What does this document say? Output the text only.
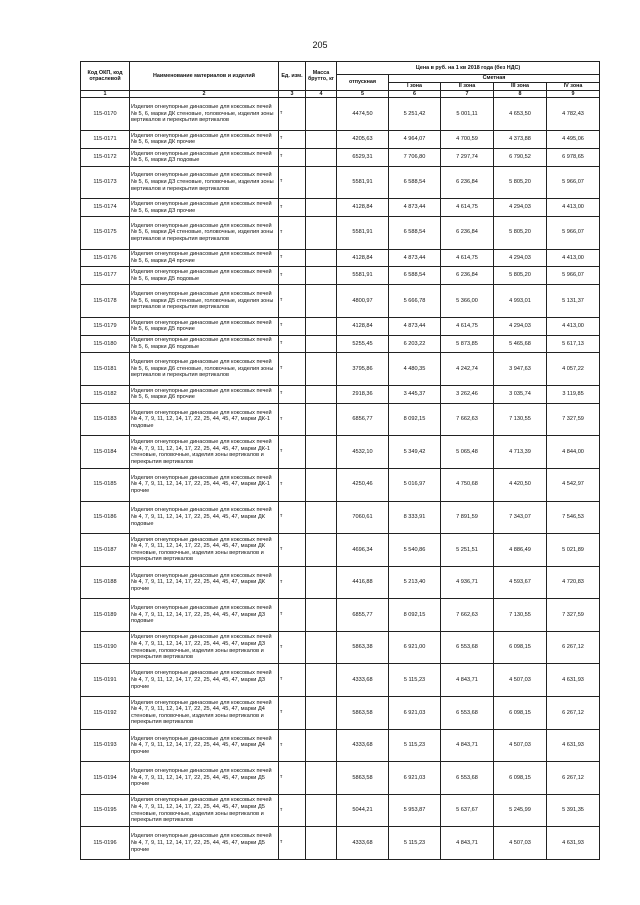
205
Код ОКП, код отраслевой	Наименование материалов и изделий	Ед. изм.	Масса брутто, кг	Цена в руб. на 1 кв 2018 года (без НДС)				
				отпускная	Сметная			
					I зона	II зона	III зона	IV зона
1	2	3	4	5	6	7	8	9
115-0170	Изделия огнеупорные динасовые для коксовых печей № 5, 6, марки ДК стеновые, головочные, изделия зоны вертикалов и перекрытия вертикалов	т		4474,50	5 251,42	5 001,11	4 653,50	4 782,43
115-0171	Изделия огнеупорные динасовые для коксовых печей № 5, 6, марки ДК прочие	т		4205,63	4 964,07	4 700,59	4 373,88	4 495,06
115-0172	Изделия огнеупорные динасовые для коксовых печей № 5, 6, марки ДЗ подовые	т		6529,31	7 706,80	7 297,74	6 790,52	6 978,65
115-0173	Изделия огнеупорные динасовые для коксовых печей № 5, 6, марки ДЗ стеновые, головочные, изделия зоны вертикалов и перекрытия вертикалов	т		5581,91	6 588,54	6 236,84	5 805,20	5 966,07
115-0174	Изделия огнеупорные динасовые для коксовых печей № 5, 6, марки ДЗ прочие	т		4128,84	4 873,44	4 614,75	4 294,03	4 413,00
115-0175	Изделия огнеупорные динасовые для коксовых печей № 5, 6, марки Д4 стеновые, головочные, изделия зоны вертикалов и перекрытия вертикалов	т		5581,91	6 588,54	6 236,84	5 805,20	5 966,07
115-0176	Изделия огнеупорные динасовые для коксовых печей № 5, 6, марки Д4 прочие	т		4128,84	4 873,44	4 614,75	4 294,03	4 413,00
115-0177	Изделия огнеупорные динасовые для коксовых печей № 5, 6, марки Д5 подовые	т		5581,91	6 588,54	6 236,84	5 805,20	5 966,07
115-0178	Изделия огнеупорные динасовые для коксовых печей № 5, 6, марки Д5 стеновые, головочные, изделия зоны вертикалов и перекрытия вертикалов	т		4800,97	5 666,78	5 366,00	4 993,01	5 131,37
115-0179	Изделия огнеупорные динасовые для коксовых печей № 5, 6, марки Д5 прочие	т		4128,84	4 873,44	4 614,75	4 294,03	4 413,00
115-0180	Изделия огнеупорные динасовые для коксовых печей № 5, 6, марки Д6 подовые	т		5255,45	6 203,22	5 873,85	5 465,68	5 617,13
115-0181	Изделия огнеупорные динасовые для коксовых печей № 5, 6, марки Д6 стеновые, головочные, изделия зоны вертикалов и перекрытия вертикалов	т		3795,86	4 480,35	4 242,74	3 947,63	4 057,22
115-0182	Изделия огнеупорные динасовые для коксовых печей № 5, 6, марки Д6 прочие	т		2918,36	3 445,37	3 262,46	3 035,74	3 119,85
115-0183	Изделия огнеупорные динасовые для коксовых печей № 4, 7, 9, 11, 12, 14, 17, 22, 25, 44, 45, 47, марки ДК-1 подовые	т		6856,77	8 092,15	7 662,63	7 130,55	7 327,59
115-0184	Изделия огнеупорные динасовые для коксовых печей № 4, 7, 9, 11, 12, 14, 17, 22, 25, 44, 45, 47, марки ДК-1 стеновые, головочные, изделия зоны вертикалов и перекрытия вертикалов	т		4532,10	5 349,42	5 065,48	4 713,39	4 844,00
115-0185	Изделия огнеупорные динасовые для коксовых печей № 4, 7, 9, 11, 12, 14, 17, 22, 25, 44, 45, 47, марки ДК-1 прочие	т		4250,46	5 016,97	4 750,68	4 420,50	4 542,97
115-0186	Изделия огнеупорные динасовые для коксовых печей № 4, 7, 9, 11, 12, 14, 17, 22, 25, 44, 45, 47, марки ДК подовые	т		7060,61	8 333,91	7 891,59	7 343,07	7 546,53
115-0187	Изделия огнеупорные динасовые для коксовых печей № 4, 7, 9, 11, 12, 14, 17, 22, 25, 44, 45, 47, марки ДК стеновые, головочные, изделия зоны вертикалов и перекрытия вертикалов	т		4696,34	5 540,86	5 251,51	4 886,49	5 021,89
115-0188	Изделия огнеупорные динасовые для коксовых печей № 4, 7, 9, 11, 12, 14, 17, 22, 25, 44, 45, 47, марки ДК прочие	т		4416,88	5 213,40	4 936,71	4 593,67	4 720,83
115-0189	Изделия огнеупорные динасовые для коксовых печей № 4, 7, 9, 11, 12, 14, 17, 22, 25, 44, 45, 47, марки ДЗ подовые	т		6855,77	8 092,15	7 662,63	7 130,55	7 327,59
115-0190	Изделия огнеупорные динасовые для коксовых печей № 4, 7, 9, 11, 12, 14, 17, 22, 25, 44, 45, 47, марки ДЗ стеновые, головочные, изделия зоны вертикалов и перекрытия вертикалов	т		5863,38	6 921,00	6 553,68	6 098,15	6 267,12
115-0191	Изделия огнеупорные динасовые для коксовых печей № 4, 7, 9, 11, 12, 14, 17, 22, 25, 44, 45, 47, марки ДЗ прочие	т		4333,68	5 115,23	4 843,71	4 507,03	4 631,93
115-0192	Изделия огнеупорные динасовые для коксовых печей № 4, 7, 9, 11, 12, 14, 17, 22, 25, 44, 45, 47, марки Д4 стеновые, головочные, изделия зоны вертикалов и перекрытия вертикалов	т		5863,58	6 921,03	6 553,68	6 098,15	6 267,12
115-0193	Изделия огнеупорные динасовые для коксовых печей № 4, 7, 9, 11, 12, 14, 17, 22, 25, 44, 45, 47, марки Д4 прочие	т		4333,68	5 115,23	4 843,71	4 507,03	4 631,93
115-0194	Изделия огнеупорные динасовые для коксовых печей № 4, 7, 9, 11, 12, 14, 17, 22, 25, 44, 45, 47, марки Д5 прочие	т		5863,58	6 921,03	6 553,68	6 098,15	6 267,12
115-0195	Изделия огнеупорные динасовые для коксовых печей № 4, 7, 9, 11, 12, 14, 17, 22, 25, 44, 45, 47, марки Д5 стеновые, головочные, изделия зоны вертикалов и перекрытия вертикалов	т		5044,21	5 953,87	5 637,67	5 245,99	5 391,35
115-0196	Изделия огнеупорные динасовые для коксовых печей № 4, 7, 9, 11, 12, 14, 17, 22, 25, 44, 45, 47, марки Д5 прочие	т		4333,68	5 115,23	4 843,71	4 507,03	4 631,93
